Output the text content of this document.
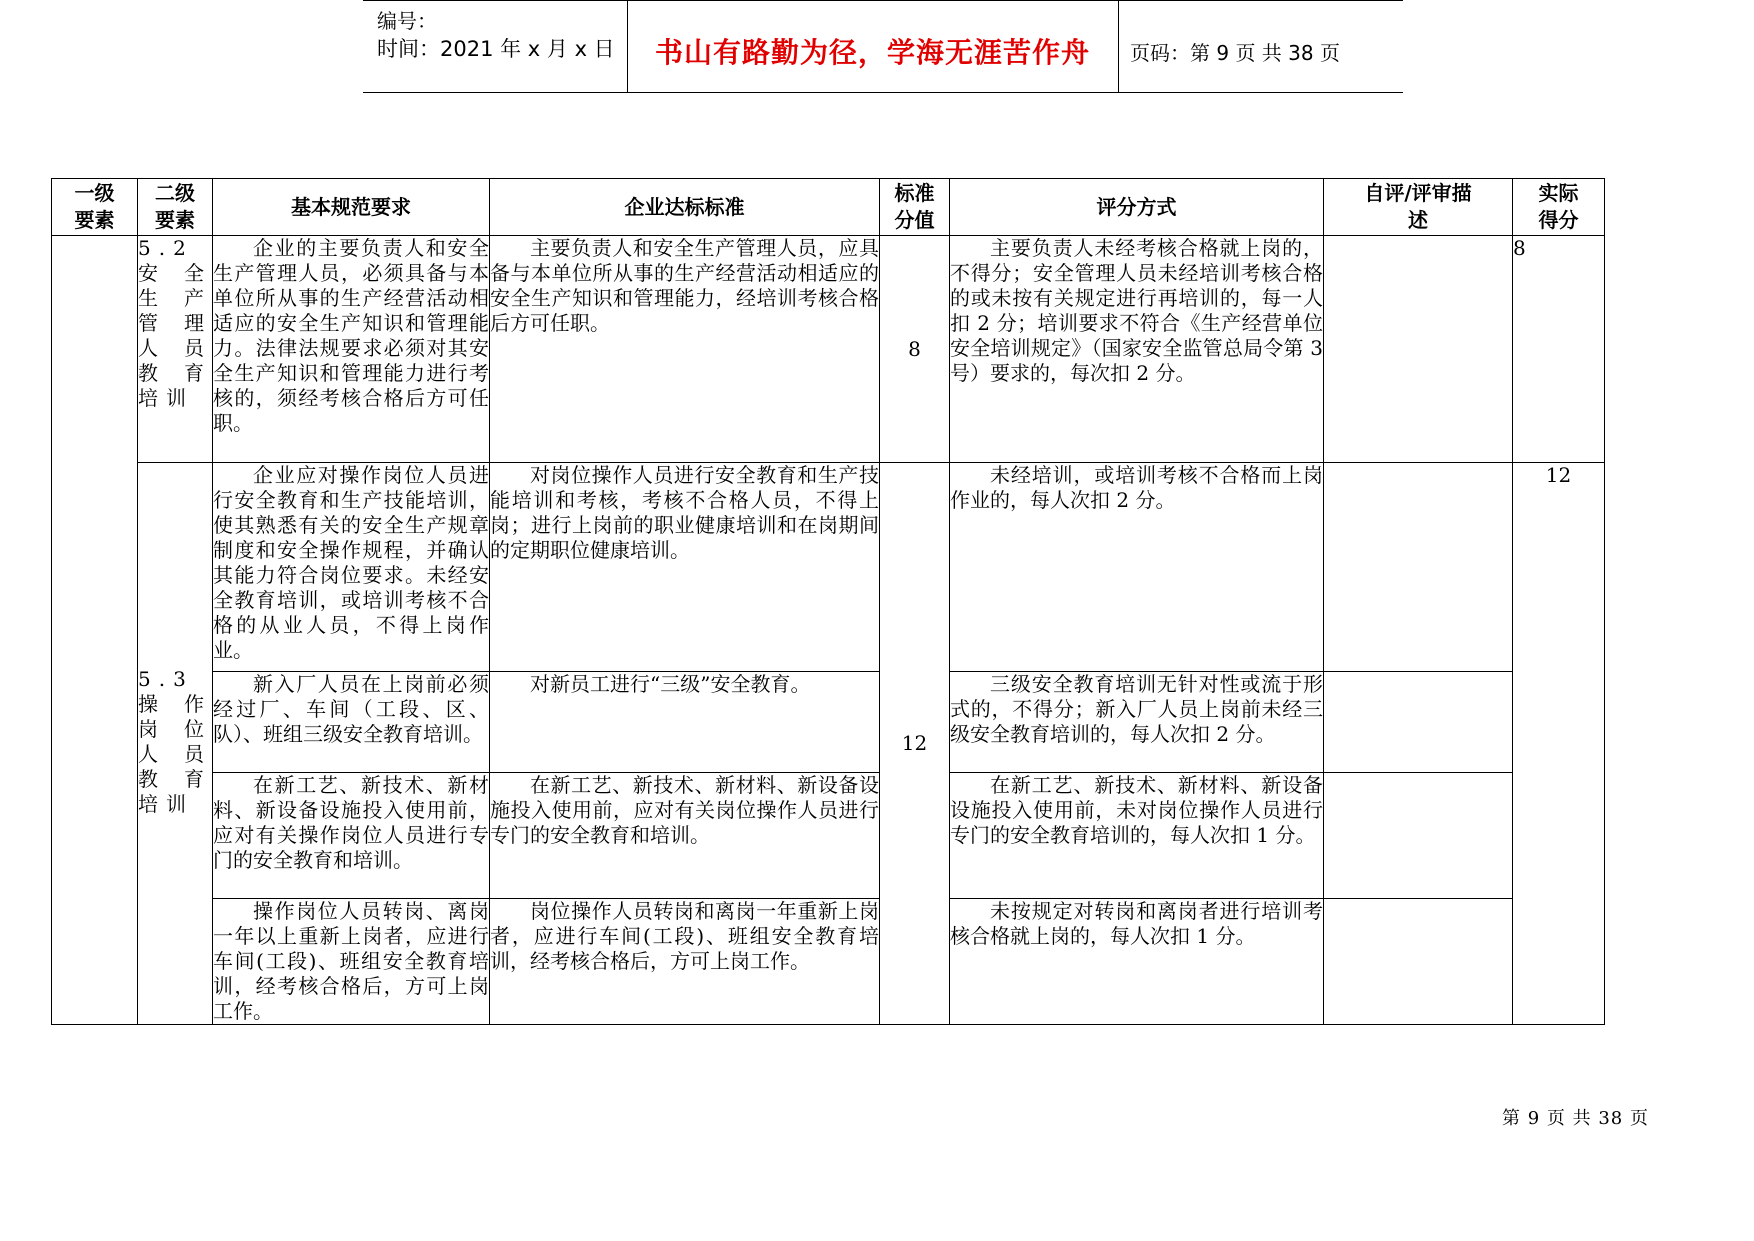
编号：
时间：2021 年 x 月 x 日	书山有路勤为径，学海无涯苦作舟	页码：第 9 页 共 38 页
一级要素	二级要素	基本规范要求	企业达标标准	标准分值	评分方式	自评/评审描　　述	实际得分
	5.2 安全生产管理人员教育培训	企业的主要负责人和安全生产管理人员，必须具备与本单位所从事的生产经营活动相适应的安全生产知识和管理能力。法律法规要求必须对其安全生产知识和管理能力进行考核的，须经考核合格后方可任职。	主要负责人和安全生产管理人员，应具备与本单位所从事的生产经营活动相适应的安全生产知识和管理能力，经培训考核合格后方可任职。	8	主要负责人未经考核合格就上岗的，不得分；安全管理人员未经培训考核合格的或未按有关规定进行再培训的，每一人扣 2 分；培训要求不符合《生产经营单位安全培训规定》（国家安全监管总局令第 3 号）要求的，每次扣 2 分。		8
	5.3 操作岗位人员教育培训	企业应对操作岗位人员进行安全教育和生产技能培训，使其熟悉有关的安全生产规章制度和安全操作规程，并确认其能力符合岗位要求。未经安全教育培训，或培训考核不合格的从业人员，不得上岗作业。	对岗位操作人员进行安全教育和生产技能培训和考核，考核不合格人员，不得上岗；进行上岗前的职业健康培训和在岗期间的定期职位健康培训。	12	未经培训，或培训考核不合格而上岗作业的，每人次扣 2 分。		12
		新入厂人员在上岗前必须经过厂、车间（工段、区、队）、班组三级安全教育培训。	对新员工进行“三级”安全教育。		三级安全教育培训无针对性或流于形式的，不得分；新入厂人员上岗前未经三级安全教育培训的，每人次扣 2 分。		
		在新工艺、新技术、新材料、新设备设施投入使用前，应对有关操作岗位人员进行专门的安全教育和培训。	在新工艺、新技术、新材料、新设备设施投入使用前，应对有关岗位操作人员进行专门的安全教育和培训。		在新工艺、新技术、新材料、新设备设施投入使用前，未对岗位操作人员进行专门的安全教育培训的，每人次扣 1 分。		
		操作岗位人员转岗、离岗一年以上重新上岗者，应进行车间(工段)、班组安全教育培训，经考核合格后，方可上岗工作。	岗位操作人员转岗和离岗一年重新上岗者，应进行车间(工段)、班组安全教育培训，经考核合格后，方可上岗工作。		未按规定对转岗和离岗者进行培训考核合格就上岗的，每人次扣 1 分。		
第 9 页 共 38 页
